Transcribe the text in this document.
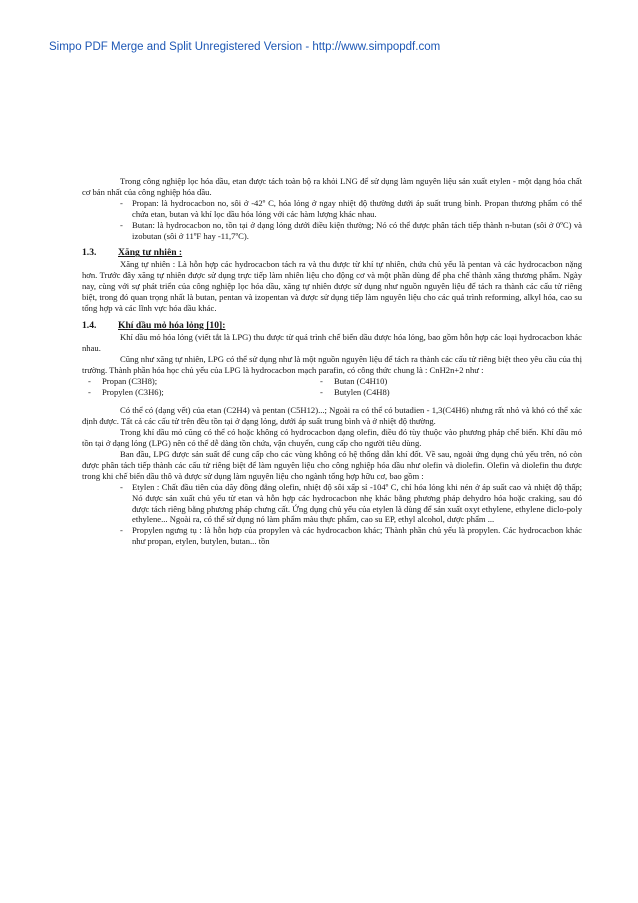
Simpo PDF Merge and Split Unregistered Version - http://www.simpopdf.com

Trong công nghiệp lọc hóa dầu, etan được tách toàn bộ ra khỏi LNG để sử dụng làm nguyên liệu sản xuất etylen - một dạng hóa chất cơ bản nhất của công nghiệp hóa dầu.

- Propan: là hydrocacbon no, sôi ở -42º C, hóa lỏng ở ngay nhiệt độ thường dưới áp suất trung bình. Propan thương phẩm có thể chứa etan, butan và khí lọc dầu hóa lỏng với các hàm lượng khác nhau.

- Butan: là hydrocacbon no, tồn tại ở dạng lỏng dưới điều kiện thường; Nó có thể được phân tách tiếp thành n-butan (sôi ở 0ºC) và izobutan (sôi ở 11ºF hay -11,7ºC).

1.3. Xăng tự nhiên :

Xăng tự nhiên : Là hỗn hợp các hydrocacbon tách ra và thu được từ khí tự nhiên, chứa chủ yếu là pentan và các hydrocacbon nặng hơn. Trước đây xăng tự nhiên được sử dụng trực tiếp làm nhiên liệu cho động cơ và một phần dùng để pha chế thành xăng thương phẩm. Ngày nay, cùng với sự phát triển của công nghiệp lọc hóa dầu, xăng tự nhiên được sử dụng như nguồn nguyên liệu để tách ra thành các cấu tử riêng biệt, trong đó quan trọng nhất là butan, pentan và izopentan và được sử dụng tiếp làm nguyên liệu cho các quá trình reforming, alkyl hóa, cao su tổng hợp và các lĩnh vực hóa dầu khác.

1.4. Khí dầu mỏ hóa lỏng [10]:

Khí dầu mỏ hóa lỏng (viết tắt là LPG) thu được từ quá trình chế biến dầu được hóa lỏng, bao gồm hỗn hợp các loại hydrocacbon khác nhau.

Cũng như xăng tự nhiên, LPG có thể sử dụng như là một nguồn nguyên liệu để tách ra thành các cấu tử riêng biệt theo yêu cầu của thị trường. Thành phần hóa học chủ yếu của LPG là hydrocacbon mạch parafin, có công thức chung là : CnH2n+2 như :

- Propan (C3H8);
- Propylen (C3H6);
- Butan (C4H10)
- Butylen (C4H8)

Có thể có (dạng vết) của etan (C2H4) và pentan (C5H12)...; Ngoài ra có thể có butadien - 1,3(C4H6) nhưng rất nhỏ và khó có thể xác định được. Tất cả các cấu tử trên đều tồn tại ở dạng lỏng, dưới áp suất trung bình và ở nhiệt độ thường.

Trong khí dầu mỏ cũng có thể có hoặc không có hydrocacbon dạng olefin, điều đó tùy thuộc vào phương pháp chế biến. Khí dầu mỏ tồn tại ở dạng lỏng (LPG) nên có thể dễ dàng tồn chứa, vận chuyển, cung cấp cho người tiêu dùng.

Ban đầu, LPG được sản suất để cung cấp cho các vùng không có hệ thống dẫn khí đốt. Về sau, ngoài ứng dụng chủ yếu trên, nó còn được phân tách tiếp thành các cấu tử riêng biệt để làm nguyên liệu cho công nghiệp hóa dầu như olefin và diolefin. Olefin và diolefin thu được trong khi chế biến dầu thô và được sử dụng làm nguyên liệu cho ngành tổng hợp hữu cơ, bao gồm :

- Etylen : Chất đầu tiên của dãy đồng đẳng olefin, nhiệt độ sôi xấp sỉ -104º C, chỉ hóa lỏng khi nén ở áp suất cao và nhiệt độ thấp; Nó được sản xuất chủ yếu từ etan và hỗn hợp các hydrocacbon nhẹ khác bằng phương pháp dehydro hóa hoặc craking, sau đó được tách riêng bằng phương pháp chưng cất. Ứng dụng chủ yếu của etylen là dùng để sản xuất oxyt ethylene, ethylene diclo-poly ethylene... Ngoài ra, có thể sử dụng nó làm phẩm màu thực phẩm, cao su EP, ethyl alcohol, dược phẩm ...

- Propylen ngưng tụ : là hỗn hợp của propylen và các hydrocacbon khác; Thành phần chủ yếu là propylen. Các hydrocacbon khác như propan, etylen, butylen, butan... tồn
